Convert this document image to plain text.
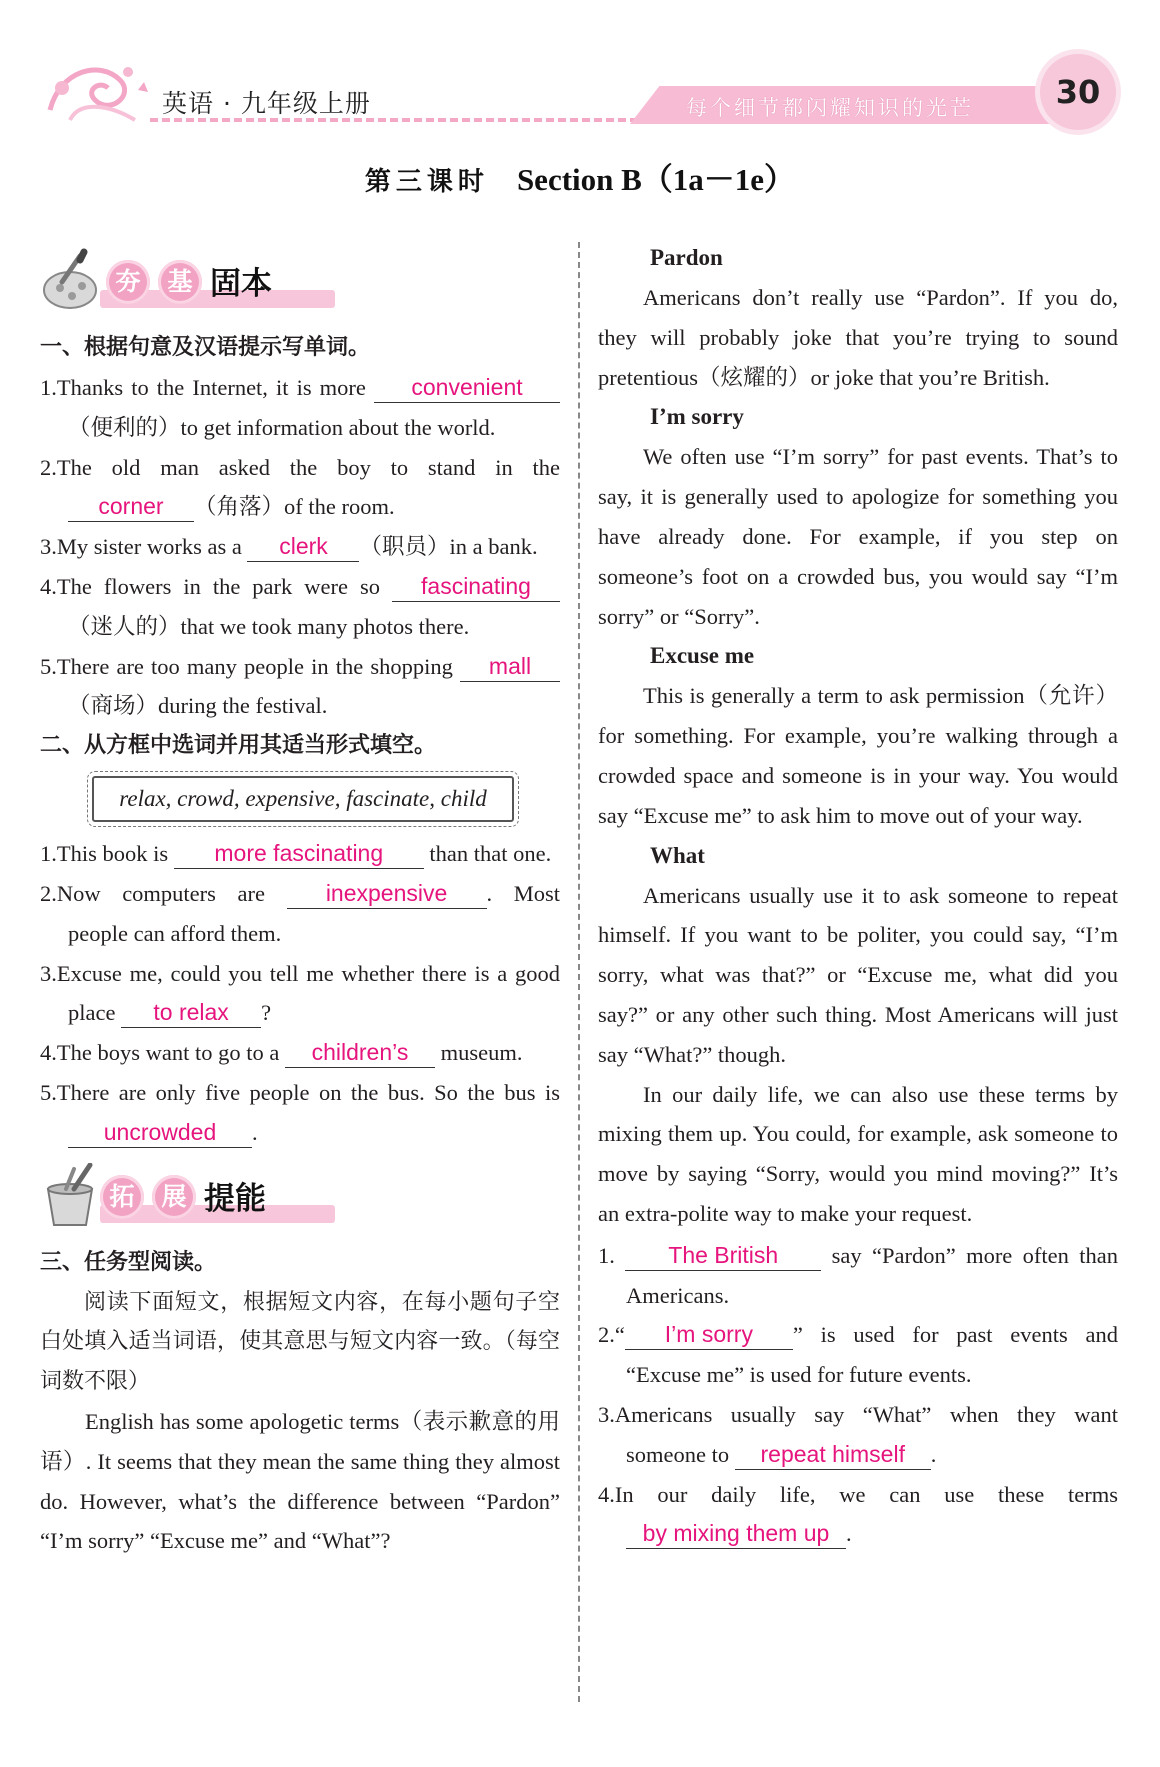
英语 · 九年级上册	每个细节都闪耀知识的光芒	30
第三课时 Section B（1a－1e）
夯	基 固本

一、根据句意及汉语提示写单词。

1.Thanks to the Internet, it is more convenient（便利的）to get information about the world.

2.The old man asked the boy to stand in the corner （角落）of the room.

3.My sister works as a clerk （职员）in a bank.

4.The flowers in the park were so fascinating（迷人的）that we took many photos there.

5.There are too many people in the shopping mall（商场）during the festival.

二、从方框中选词并用其适当形式填空。

relax, crowd, expensive, fascinate, child

1.This book is more fascinating than that one.

2.Now computers are	inexpensive . Most people can afford them.

3.Excuse me, could you tell me whether there is a good place to relax ?

4.The boys want to go to a children’s museum.

5.There are only five people on the bus. So the bus is uncrowded .

拓	展 提能

三、任务型阅读。

阅读下面短文，根据短文内容，在每小题句子空白处填入适当词语，使其意思与短文内容一致。（每空词数不限）

English has some apologetic terms（表示歉意的用语）. It seems that they mean the same thing they almost do. However, what’s the difference between “Pardon” “I’m sorry” “Excuse me” and “What”?

Pardon

Americans don’t really use “Pardon”. If you do, they will probably joke that you’re trying to sound pretentious（炫耀的）or joke that you’re British.

I’m sorry

We often use “I’m sorry” for past events. That’s to say, it is generally used to apologize for something you have already done. For example, if you step on someone’s foot on a crowded bus, you would say “I’m sorry” or “Sorry”.

Excuse me

This is generally a term to ask permission（允许）for something. For example, you’re walking through a crowded space and someone is in your way. You would say “Excuse me” to ask him to move out of your way.

What

Americans usually use it to ask someone to repeat himself. If you want to be politer, you could say, “I’m sorry, what was that?” or “Excuse me, what did you say?” or any other such thing. Most Americans will just say “What?” though.

In our daily life, we can also use these terms by mixing them up. You could, for example, ask someone to move by saying “Sorry, would you mind moving?” It’s an extra-polite way to make your request.

1. The British say “Pardon” more often than Americans.

2.“ I’m sorry ” is used for past events and “Excuse me” is used for future events.

3.Americans usually say “What” when they want someone to repeat himself .

4.In our daily life, we can use these terms by mixing them up .
